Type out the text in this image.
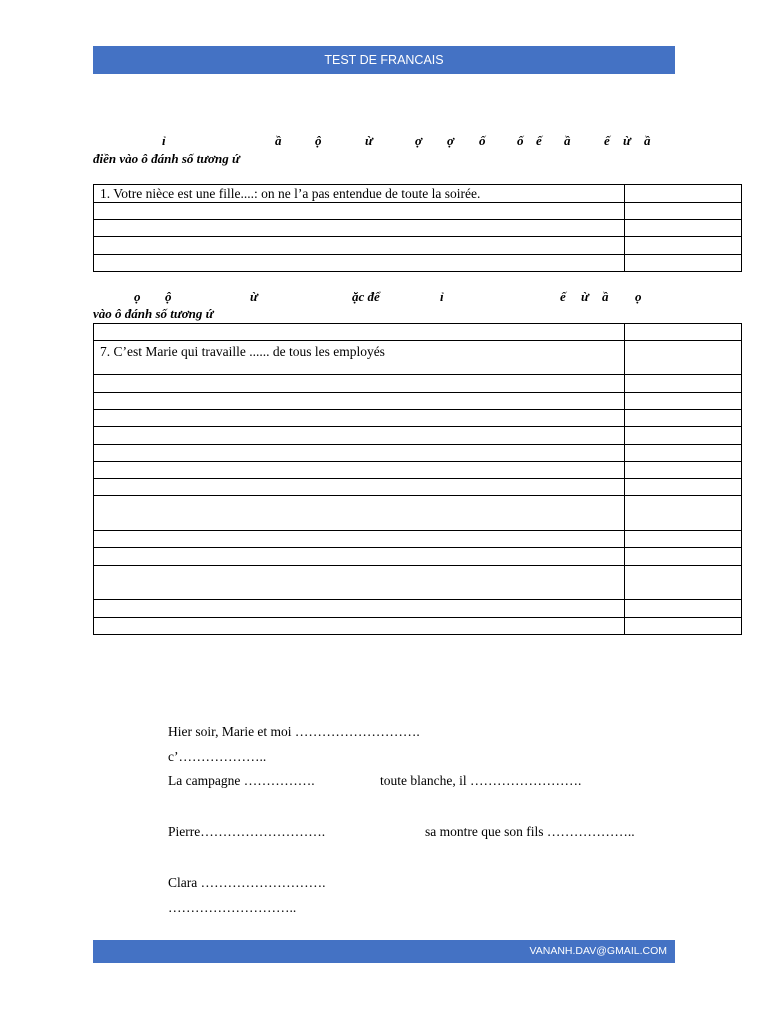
TEST DE FRANCAIS
ỉ	ầ	ộ	ừ	ợ ợ ố ố ế ầ	ế ừ ầ
điền vào ô đánh số tương ứ
1. Votre nièce est une fille....: on ne l’a pas entendue de toute la soirée.	

ọ ộ	ừ	ặc để	ỉ	ế ừ ầ ọ
vào ô đánh số tương ứ

7. C’est Marie qui travaille ...... de tous les employés	

Hier soir, Marie et moi ……………………….
c’………………..
La campagne …………….	toute blanche, il …………………….
Pierre……………………….	sa montre que son fils ………………..
Clara ……………………….
………………………..
VANANH.DAV@GMAIL.COM
